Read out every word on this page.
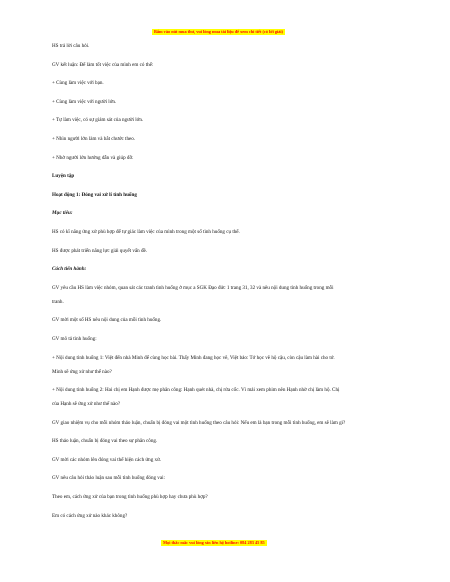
Bấm vào nút mua thư, vui lòng mua tài liệu để xem chi tiết (có lời giải)

HS trả lời câu hỏi.

GV kết luận: Để làm tốt việc của mình em có thể:

+ Cùng làm việc với bạn.

+ Cùng làm việc với người lớn.

+ Tự làm việc, có sự giám sát của người lớn.

+ Nhìn người lớn làm và bắt chước theo.

+ Nhờ người lớn hướng dẫn và giúp đỡ.

Luyện tập

Hoạt động 1: Đóng vai xử lí tình huống

Mục tiêu:

HS có kĩ năng ứng xử phù hợp để tự giác làm việc của mình trong một số tình huống cụ thể.

HS được phát triển năng lực giải quyết vấn đề.

Cách tiến hành:

GV yêu cầu HS làm việc nhóm, quan sát các tranh tình huống ở mục a SGK Đạo đức 1 trang 31, 32 và nêu nội dung tình huống trong mỗi

tranh.

GV mời một số HS nêu nội dung của mỗi tình huống.

GV mô tả tình huống:

+ Nội dung tình huống 1: Việt đến nhà Minh để cùng học bài. Thấy Minh đang học vẽ, Việt bảo: Tớ học vẽ hộ cậu, còn cậu làm hài cho tớ.

Minh sẽ ứng xử như thế nào?

+ Nội dung tình huống 2: Hai chị em Hạnh được mẹ phân công: Hạnh quét nhà, chị rửa cốc. Vì mải xem phim nên Hạnh nhờ chị làm hộ. Chị

của Hạnh sẽ ứng xử như thế nào?

GV giao nhiệm vụ cho mỗi nhóm thảo luận, chuẩn bị đóng vai một tình huống theo câu hỏi: Nếu em là bạn trong mỗi tình huống, em sẽ làm gì?

HS thảo luận, chuẩn bị đóng vai theo sự phân công.

GV mời các nhóm lên đóng vai thể hiện cách ứng xử.

GV nêu câu hỏi thảo luận sau mỗi tình huống đóng vai:

Theo em, cách ứng xử của bạn trong tình huống phù hợp hay chưa phù hợp?

Em có cách ứng xử nào khác không?

Mọi thắc mắc vui lòng xin liên hệ hotline: 084 283 45 85
